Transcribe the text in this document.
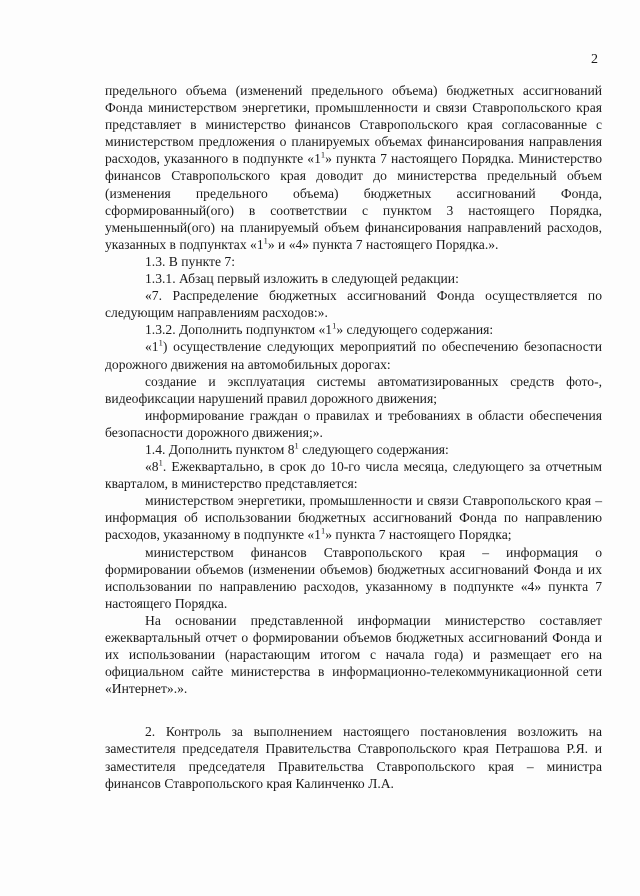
2

предельного объема (изменений предельного объема) бюджетных ассигнований Фонда министерством энергетики, промышленности и связи Ставропольского края представляет в министерство финансов Ставропольского края согласованные с министерством предложения о планируемых объемах финансирования направления расходов, указанного в подпункте «$1^1$» пункта 7 настоящего Порядка. Министерство финансов Ставропольского края доводит до министерства предельный объем (изменения предельного объема) бюджетных ассигнований Фонда, сформированный(ого) в соответствии с пунктом 3 настоящего Порядка, уменьшенный(ого) на планируемый объем финансирования направлений расходов, указанных в подпунктах «$1^1$» и «4» пункта 7 настоящего Порядка.».

1.3. В пункте 7:

1.3.1. Абзац первый изложить в следующей редакции:

«7. Распределение бюджетных ассигнований Фонда осуществляется по следующим направлениям расходов:».

1.3.2. Дополнить подпунктом «$1^1$» следующего содержания:

«$1^1$) осуществление следующих мероприятий по обеспечению безопасности дорожного движения на автомобильных дорогах:

создание и эксплуатация системы автоматизированных средств фото-, видеофиксации нарушений правил дорожного движения;

информирование граждан о правилах и требованиях в области обеспечения безопасности дорожного движения;».

1.4. Дополнить пунктом $8^1$ следующего содержания:

«$8^1$. Ежеквартально, в срок до 10-го числа месяца, следующего за отчетным кварталом, в министерство представляется:

министерством энергетики, промышленности и связи Ставропольского края – информация об использовании бюджетных ассигнований Фонда по направлению расходов, указанному в подпункте «$1^1$» пункта 7 настоящего Порядка;

министерством финансов Ставропольского края – информация о формировании объемов (изменении объемов) бюджетных ассигнований Фонда и их использовании по направлению расходов, указанному в подпункте «4» пункта 7 настоящего Порядка.

На основании представленной информации министерство составляет ежеквартальный отчет о формировании объемов бюджетных ассигнований Фонда и их использовании (нарастающим итогом с начала года) и размещает его на официальном сайте министерства в информационно-телекоммуникационной сети «Интернет».».

2. Контроль за выполнением настоящего постановления возложить на заместителя председателя Правительства Ставропольского края Петрашова Р.Я. и заместителя председателя Правительства Ставропольского края – министра финансов Ставропольского края Калинченко Л.А.
